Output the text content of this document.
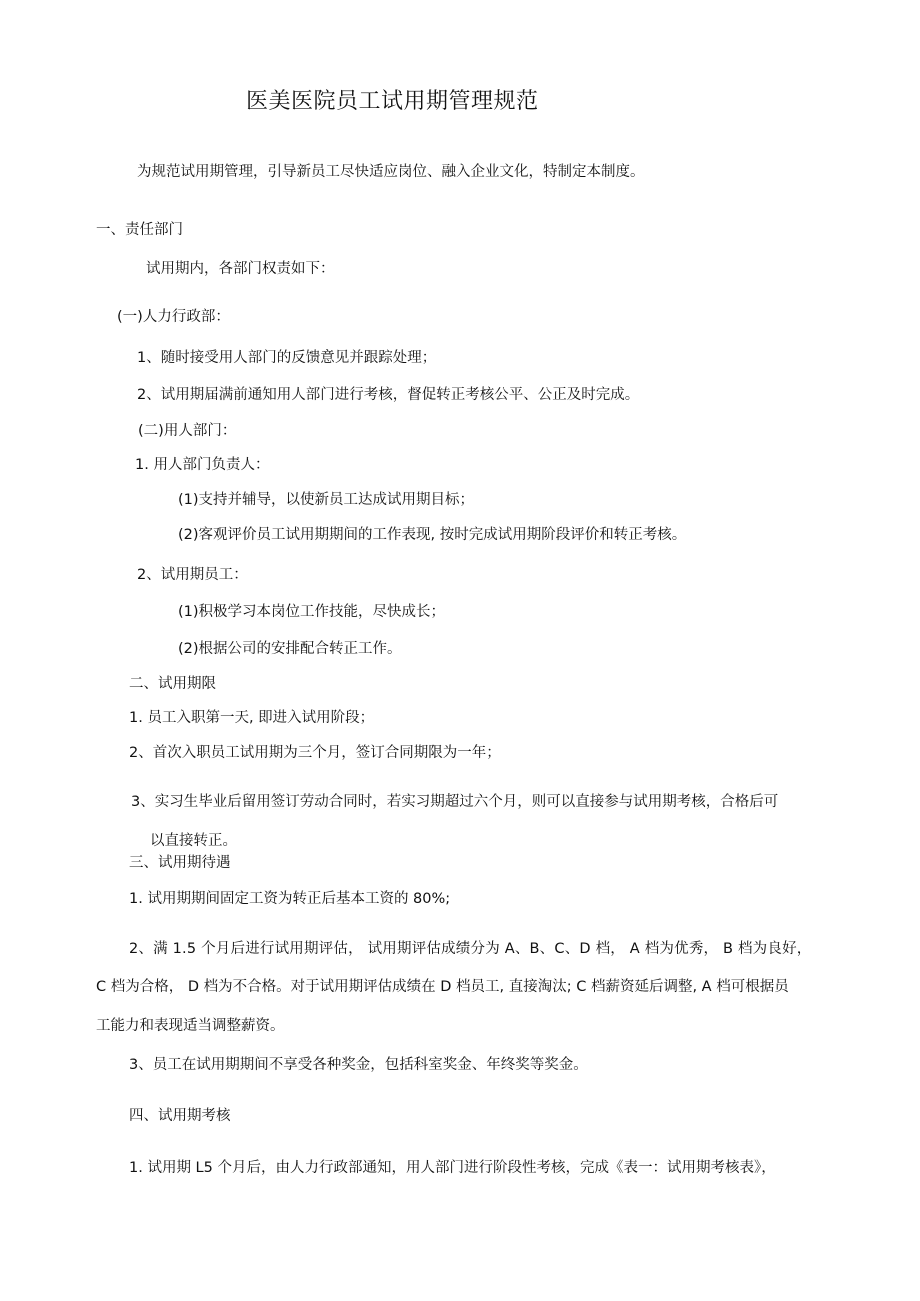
医美医院员工试用期管理规范
为规范试用期管理，引导新员工尽快适应岗位、融入企业文化，特制定本制度。
一、责任部门
试用期内，各部门权责如下：
(一)人力行政部：
1、随时接受用人部门的反馈意见并跟踪处理；
2、试用期届满前通知用人部门进行考核，督促转正考核公平、公正及时完成。
(二)用人部门：
1. 用人部门负责人：
(1)支持并辅导，以使新员工达成试用期目标；
(2)客观评价员工试用期期间的工作表现, 按时完成试用期阶段评价和转正考核。
2、试用期员工：
(1)积极学习本岗位工作技能，尽快成长；
(2)根据公司的安排配合转正工作。
二、试用期限
1. 员工入职第一天, 即进入试用阶段；
2、首次入职员工试用期为三个月，签订合同期限为一年；
3、实习生毕业后留用签订劳动合同时，若实习期超过六个月，则可以直接参与试用期考核，合格后可
以直接转正。
三、试用期待遇
1. 试用期期间固定工资为转正后基本工资的 80%;
2、满 1.5 个月后进行试用期评估， 试用期评估成绩分为 A、B、C、D 档， A 档为优秀， B 档为良好，
C 档为合格， D 档为不合格。对于试用期评估成绩在 D 档员工, 直接淘汰; C 档薪资延后调整, A 档可根据员
工能力和表现适当调整薪资。
3、员工在试用期期间不享受各种奖金，包括科室奖金、年终奖等奖金。
四、试用期考核
1. 试用期 L5 个月后，由人力行政部通知，用人部门进行阶段性考核，完成《表一：试用期考核表》，
